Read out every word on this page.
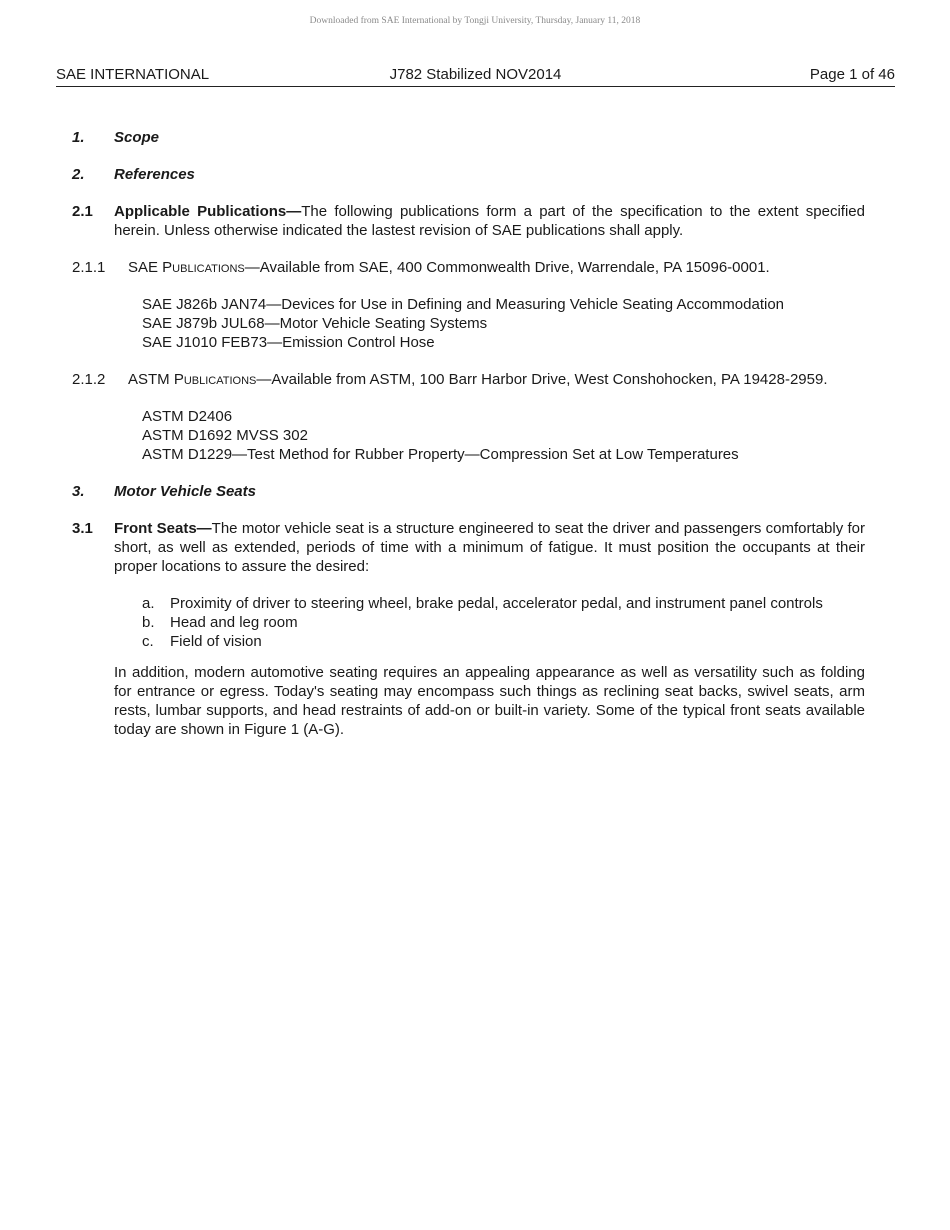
Downloaded from SAE International by Tongji University, Thursday, January 11, 2018
SAE INTERNATIONAL	J782 Stabilized NOV2014	Page 1 of 46
1. Scope
2. References
2.1 Applicable Publications—The following publications form a part of the specification to the extent specified herein. Unless otherwise indicated the lastest revision of SAE publications shall apply.
2.1.1 SAE Publications—Available from SAE, 400 Commonwealth Drive, Warrendale, PA 15096-0001.
SAE J826b JAN74—Devices for Use in Defining and Measuring Vehicle Seating Accommodation
SAE J879b JUL68—Motor Vehicle Seating Systems
SAE J1010 FEB73—Emission Control Hose
2.1.2 ASTM Publications—Available from ASTM, 100 Barr Harbor Drive, West Conshohocken, PA 19428-2959.
ASTM D2406
ASTM D1692 MVSS 302
ASTM D1229—Test Method for Rubber Property—Compression Set at Low Temperatures
3. Motor Vehicle Seats
3.1 Front Seats—The motor vehicle seat is a structure engineered to seat the driver and passengers comfortably for short, as well as extended, periods of time with a minimum of fatigue. It must position the occupants at their proper locations to assure the desired:
a. Proximity of driver to steering wheel, brake pedal, accelerator pedal, and instrument panel controls
b. Head and leg room
c. Field of vision
In addition, modern automotive seating requires an appealing appearance as well as versatility such as folding for entrance or egress. Today's seating may encompass such things as reclining seat backs, swivel seats, arm rests, lumbar supports, and head restraints of add-on or built-in variety. Some of the typical front seats available today are shown in Figure 1 (A-G).
